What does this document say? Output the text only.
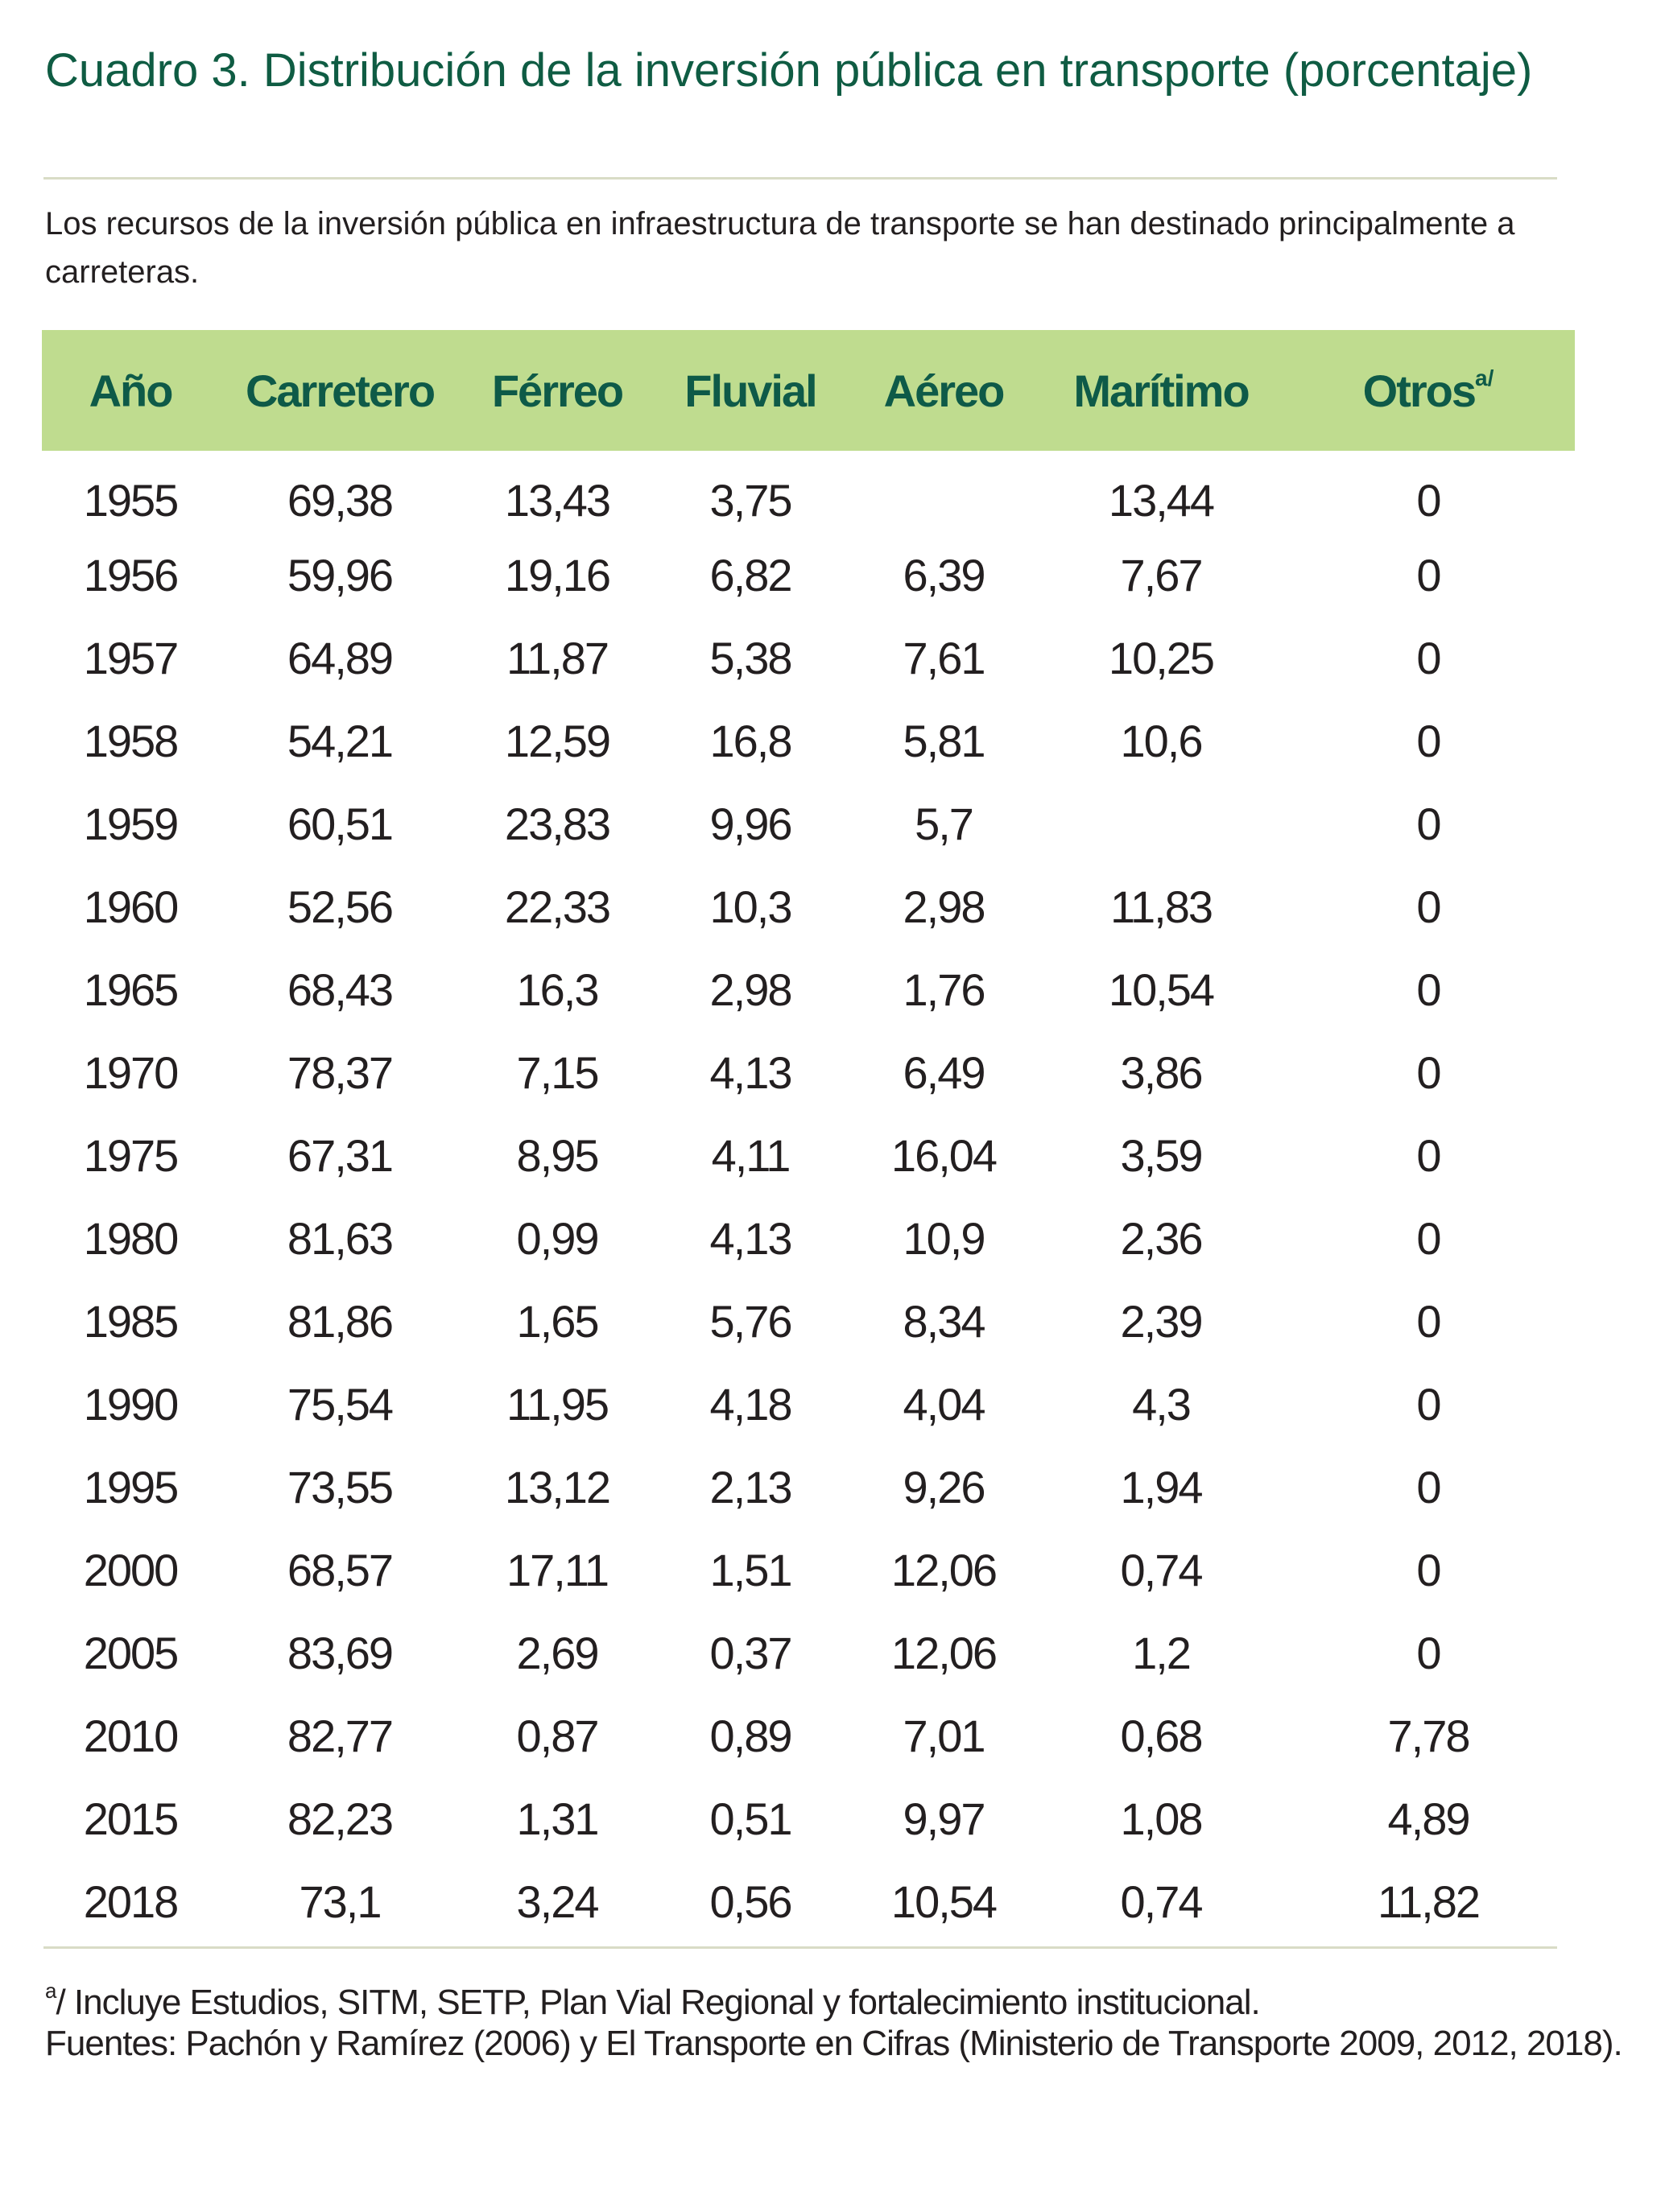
Cuadro 3. Distribución de la inversión pública en transporte (porcentaje)
Los recursos de la inversión pública en infraestructura de transporte se han destinado principalmente a carreteras.
Año	Carretero	Férreo	Fluvial	Aéreo	Marítimo	Otros$^{a/}$
1955	69,38	13,43	3,75		13,44	0
1956	59,96	19,16	6,82	6,39	7,67	0
1957	64,89	11,87	5,38	7,61	10,25	0
1958	54,21	12,59	16,8	5,81	10,6	0
1959	60,51	23,83	9,96	5,7		0
1960	52,56	22,33	10,3	2,98	11,83	0
1965	68,43	16,3	2,98	1,76	10,54	0
1970	78,37	7,15	4,13	6,49	3,86	0
1975	67,31	8,95	4,11	16,04	3,59	0
1980	81,63	0,99	4,13	10,9	2,36	0
1985	81,86	1,65	5,76	8,34	2,39	0
1990	75,54	11,95	4,18	4,04	4,3	0
1995	73,55	13,12	2,13	9,26	1,94	0
2000	68,57	17,11	1,51	12,06	0,74	0
2005	83,69	2,69	0,37	12,06	1,2	0
2010	82,77	0,87	0,89	7,01	0,68	7,78
2015	82,23	1,31	0,51	9,97	1,08	4,89
2018	73,1	3,24	0,56	10,54	0,74	11,82
$^a$/ Incluye Estudios, SITM, SETP, Plan Vial Regional y fortalecimiento institucional.
Fuentes: Pachón y Ramírez (2006) y El Transporte en Cifras (Ministerio de Transporte 2009, 2012, 2018).
